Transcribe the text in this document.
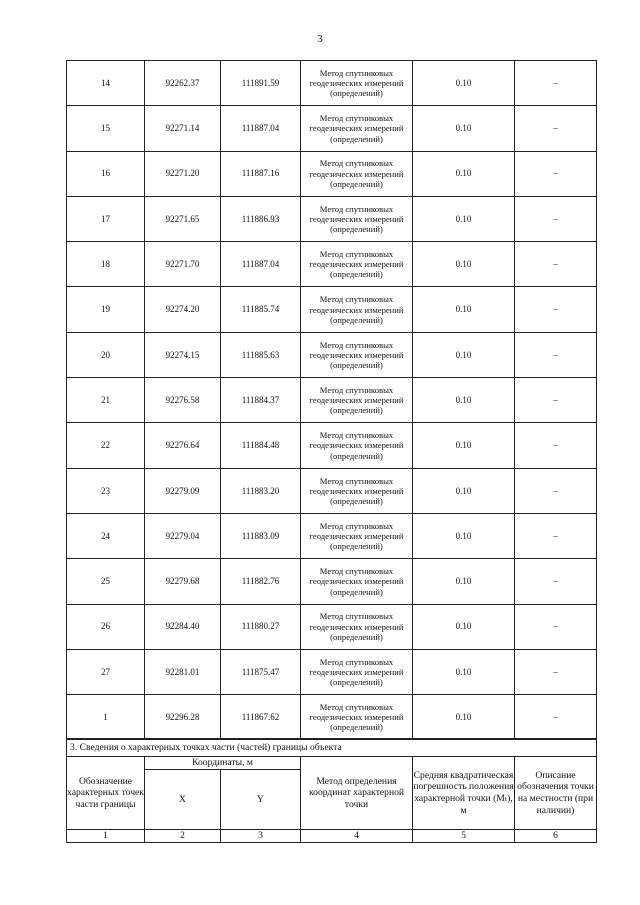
3
14	92262.37	111891.59	Метод спутниковых геодезических измерений (определений)	0.10	–
15	92271.14	111887.04	Метод спутниковых геодезических измерений (определений)	0.10	–
16	92271.20	111887.16	Метод спутниковых геодезических измерений (определений)	0.10	–
17	92271.65	111886.93	Метод спутниковых геодезических измерений (определений)	0.10	–
18	92271.70	111887.04	Метод спутниковых геодезических измерений (определений)	0.10	–
19	92274.20	111885.74	Метод спутниковых геодезических измерений (определений)	0.10	–
20	92274.15	111885.63	Метод спутниковых геодезических измерений (определений)	0.10	–
21	92276.58	111884.37	Метод спутниковых геодезических измерений (определений)	0.10	–
22	92276.64	111884.48	Метод спутниковых геодезических измерений (определений)	0.10	–
23	92279.09	111883.20	Метод спутниковых геодезических измерений (определений)	0.10	–
24	92279.04	111883.09	Метод спутниковых геодезических измерений (определений)	0.10	–
25	92279.68	111882.76	Метод спутниковых геодезических измерений (определений)	0.10	–
26	92284.40	111880.27	Метод спутниковых геодезических измерений (определений)	0.10	–
27	92281.01	111875.47	Метод спутниковых геодезических измерений (определений)	0.10	–
1	92296.28	111867.62	Метод спутниковых геодезических измерений (определений)	0.10	–
3. Сведения о характерных точках части (частей) границы объекта					
Обозначение характерных точек части границы	Координаты, м		Метод определения координат характерной точки	Средняя квадратическая погрешность положения характерной точки (Mₜ), м	Описание обозначения точки на местности (при наличии)
	X	Y			
1	2	3	4	5	6
